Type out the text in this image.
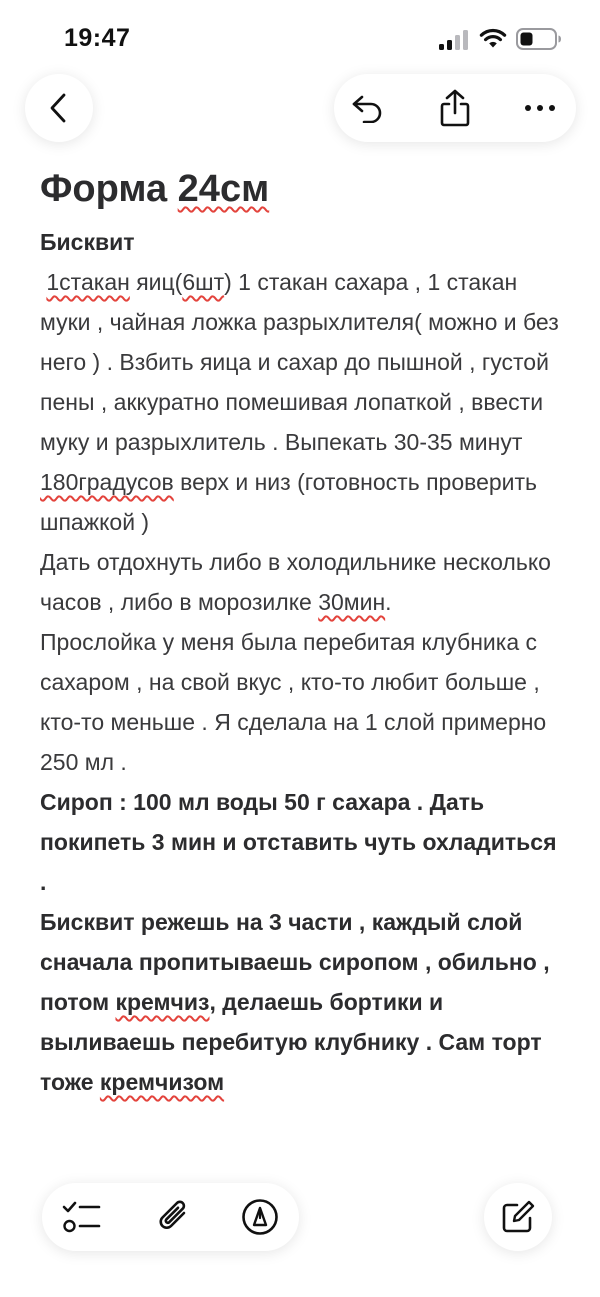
19:47
Форма 24см
Бисквит
1стакан яиц(6шт) 1 стакан сахара , 1 стакан муки , чайная ложка разрыхлителя( можно и без него ) . Взбить яица и сахар до пышной , густой пены , аккуратно помешивая лопаткой , ввести муку и разрыхлитель . Выпекать 30-35 минут 180градусов верх и низ (готовность проверить шпажкой )
Дать отдохнуть либо в холодильнике несколько часов , либо в морозилке 30мин.
Прослойка у меня была перебитая клубника с сахаром , на свой вкус , кто-то любит больше , кто-то меньше . Я сделала на 1 слой примерно 250 мл .
Сироп : 100 мл воды 50 г сахара . Дать покипеть 3 мин и отставить чуть охладиться .
Бисквит режешь на 3 части , каждый слой сначала пропитываешь сиропом , обильно , потом кремчиз, делаешь бортики и выливаешь перебитую клубнику . Сам торт тоже кремчизом
